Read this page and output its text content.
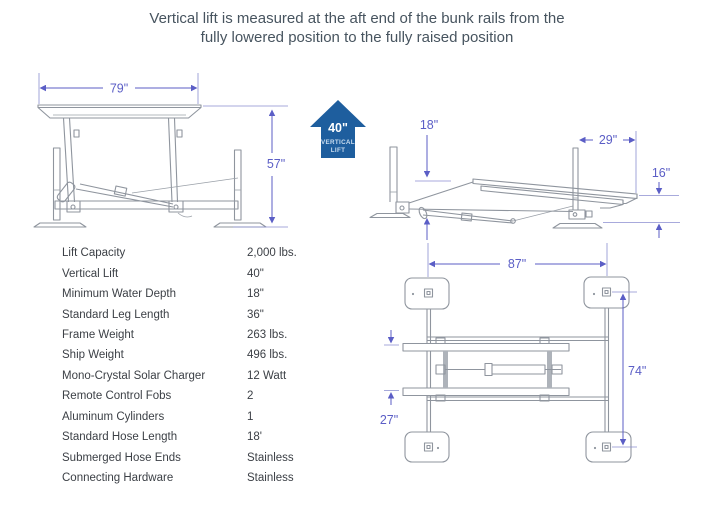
Vertical lift is measured at the aft end of the bunk rails from the
fully lowered position to the fully raised position
79"
57"
40"
VERTICAL
LIFT
18"
29"
16"
87"
74"
27"
Lift Capacity	2,000 lbs.
Vertical Lift	40"
Minimum Water Depth	18"
Standard Leg Length	36"
Frame Weight	263 lbs.
Ship Weight	496 lbs.
Mono-Crystal Solar Charger	12 Watt
Remote Control Fobs	2
Aluminum Cylinders	1
Standard Hose Length	18'
Submerged Hose Ends	Stainless
Connecting Hardware	Stainless
